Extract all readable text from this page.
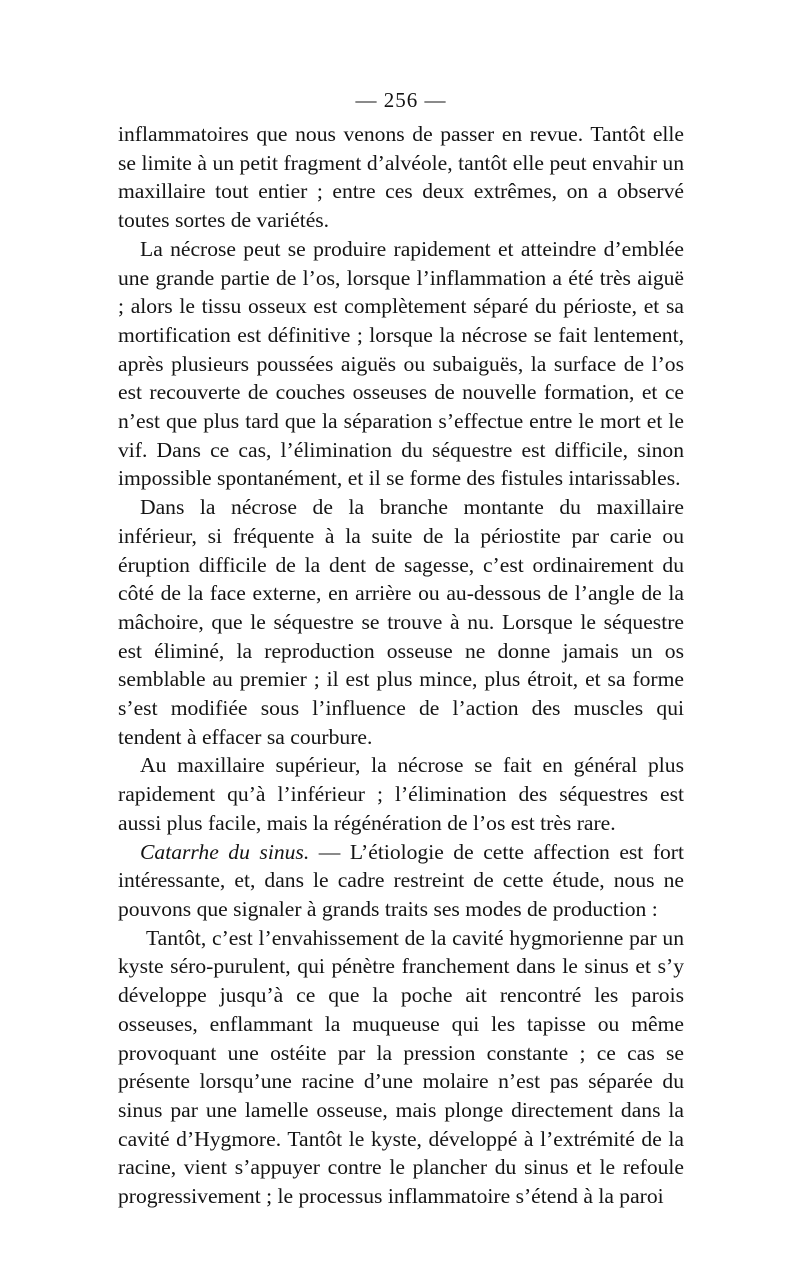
— 256 —

inflammatoires que nous venons de passer en revue. Tantôt elle se limite à un petit fragment d’alvéole, tantôt elle peut envahir un maxillaire tout entier ; entre ces deux extrêmes, on a observé toutes sortes de variétés.

La nécrose peut se produire rapidement et atteindre d’emblée une grande partie de l’os, lorsque l’inflammation a été très aiguë ; alors le tissu osseux est complètement séparé du périoste, et sa mortification est définitive ; lorsque la nécrose se fait lentement, après plusieurs poussées aiguës ou subaiguës, la surface de l’os est recouverte de couches osseuses de nouvelle formation, et ce n’est que plus tard que la séparation s’effectue entre le mort et le vif. Dans ce cas, l’élimination du séquestre est difficile, sinon impossible spontanément, et il se forme des fistules intarissables.

Dans la nécrose de la branche montante du maxillaire inférieur, si fréquente à la suite de la périostite par carie ou éruption difficile de la dent de sagesse, c’est ordinairement du côté de la face externe, en arrière ou au-dessous de l’angle de la mâchoire, que le séquestre se trouve à nu. Lorsque le séquestre est éliminé, la reproduction osseuse ne donne jamais un os semblable au premier ; il est plus mince, plus étroit, et sa forme s’est modifiée sous l’influence de l’action des muscles qui tendent à effacer sa courbure.

Au maxillaire supérieur, la nécrose se fait en général plus rapidement qu’à l’inférieur ; l’élimination des séquestres est aussi plus facile, mais la régénération de l’os est très rare.

Catarrhe du sinus. — L’étiologie de cette affection est fort intéressante, et, dans le cadre restreint de cette étude, nous ne pouvons que signaler à grands traits ses modes de production :

Tantôt, c’est l’envahissement de la cavité hygmorienne par un kyste séro-purulent, qui pénètre franchement dans le sinus et s’y développe jusqu’à ce que la poche ait rencontré les parois osseuses, enflammant la muqueuse qui les tapisse ou même provoquant une ostéite par la pression constante ; ce cas se présente lorsqu’une racine d’une molaire n’est pas séparée du sinus par une lamelle osseuse, mais plonge directement dans la cavité d’Hygmore. Tantôt le kyste, développé à l’extrémité de la racine, vient s’appuyer contre le plancher du sinus et le refoule progressivement ; le processus inflammatoire s’étend à la paroi
